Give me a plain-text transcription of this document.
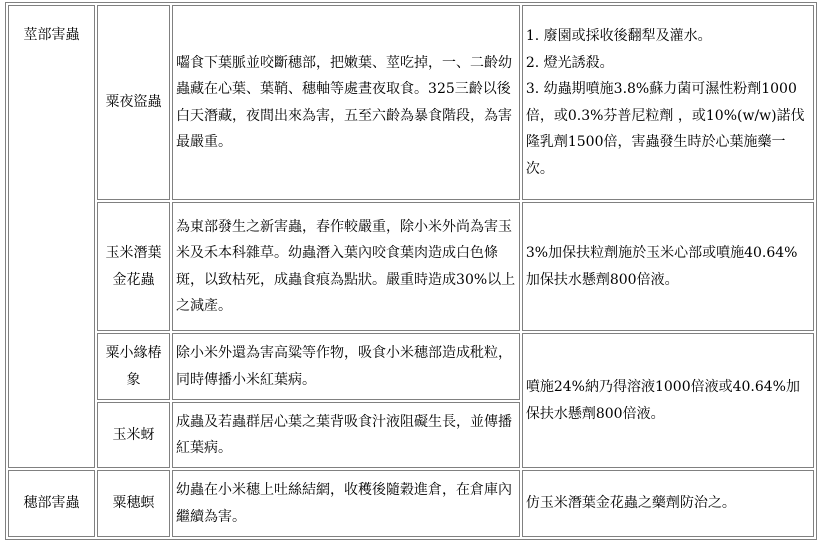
莖部害蟲	粟夜盜蟲	囓食下葉脈並咬斷穗部，把嫩葉、莖吃掉，一、二齡幼蟲藏在心葉、葉鞘、穗軸等處晝夜取食。325三齡以後白天潛藏，夜間出來為害，五至六齡為暴食階段，為害最嚴重。	1. 廢園或採收後翻犁及灌水。
2. 燈光誘殺。
3. 幼蟲期噴施3.8%蘇力菌可濕性粉劑1000倍，或0.3%芬普尼粒劑 ，或10%(w/w)諾伐隆乳劑1500倍，害蟲發生時於心葉施藥一次。

	玉米潛葉金花蟲	為東部發生之新害蟲，春作較嚴重，除小米外尚為害玉米及禾本科雜草。幼蟲潛入葉內咬食葉肉造成白色條斑，以致枯死，成蟲食痕為點狀。嚴重時造成30%以上之減產。	3%加保扶粒劑施於玉米心部或噴施40.64%加保扶水懸劑800倍液。

	粟小緣椿象	除小米外還為害高粱等作物，吸食小米穗部造成秕粒，同時傳播小米紅葉病。	噴施24%納乃得溶液1000倍液或40.64%加保扶水懸劑800倍液。

	玉米蚜	成蟲及若蟲群居心葉之葉背吸食汁液阻礙生長，並傳播紅葉病。	

穗部害蟲	粟穗螟	幼蟲在小米穗上吐絲結網，收穫後隨穀進倉，在倉庫內繼續為害。	仿玉米潛葉金花蟲之藥劑防治之。
